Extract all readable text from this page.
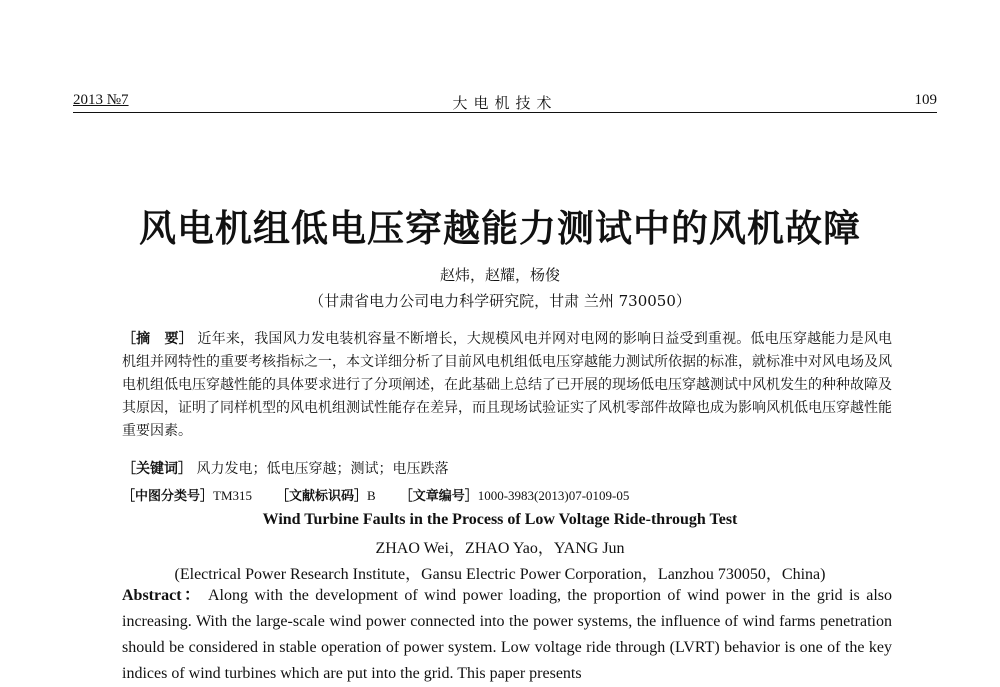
2013 №7	大电机技术	109
风电机组低电压穿越能力测试中的风机故障
赵炜，赵耀，杨俊
（甘肃省电力公司电力科学研究院，甘肃 兰州 730050）
［摘　要］ 近年来，我国风力发电装机容量不断增长，大规模风电并网对电网的影响日益受到重视。低电压穿越能力是风电机组并网特性的重要考核指标之一，本文详细分析了目前风电机组低电压穿越能力测试所依据的标准，就标准中对风电场及风电机组低电压穿越性能的具体要求进行了分项阐述，在此基础上总结了已开展的现场低电压穿越测试中风机发生的种种故障及其原因，证明了同样机型的风电机组测试性能存在差异，而且现场试验证实了风机零部件故障也成为影响风机低电压穿越性能重要因素。
［关键词］ 风力发电；低电压穿越；测试；电压跌落
［中图分类号］TM315 ［文献标识码］B ［文章编号］1000-3983(2013)07-0109-05
Wind Turbine Faults in the Process of Low Voltage Ride-through Test
ZHAO Wei，ZHAO Yao，YANG Jun
(Electrical Power Research Institute，Gansu Electric Power Corporation，Lanzhou 730050，China)
Abstract： Along with the development of wind power loading, the proportion of wind power in the grid is also increasing. With the large-scale wind power connected into the power systems, the influence of wind farms penetration should be considered in stable operation of power system. Low voltage ride through (LVRT) behavior is one of the key indices of wind turbines which are put into the grid. This paper presents
